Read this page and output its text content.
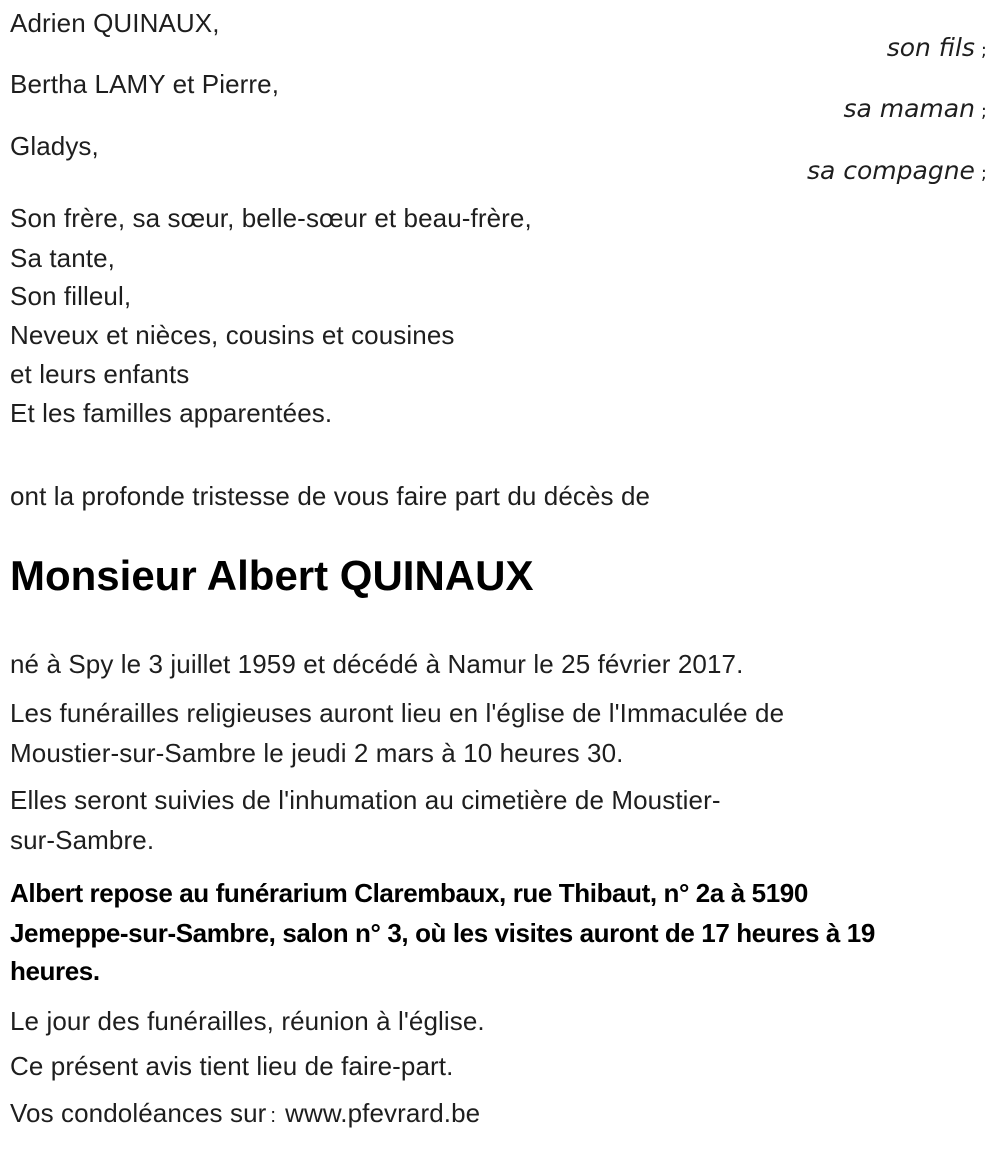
Adrien QUINAUX,
son fils ;
Bertha LAMY et Pierre,
sa maman ;
Gladys,
sa compagne ;
Son frère, sa sœur, belle-sœur et beau-frère,
Sa tante,
Son filleul,
Neveux et nièces, cousins et cousines
et leurs enfants
Et les familles apparentées.
ont la profonde tristesse de vous faire part du décès de
Monsieur Albert QUINAUX
né à Spy le 3 juillet 1959 et décédé à Namur le 25 février 2017.
Les funérailles religieuses auront lieu en l'église de l'Immaculée de
Moustier-sur-Sambre le jeudi 2 mars à 10 heures 30.
Elles seront suivies de l'inhumation au cimetière de Moustier-
sur-Sambre.
Albert repose au funérarium Clarembaux, rue Thibaut, n° 2a à 5190
Jemeppe-sur-Sambre, salon n° 3, où les visites auront de 17 heures à 19
heures.
Le jour des funérailles, réunion à l'église.
Ce présent avis tient lieu de faire-part.
Vos condoléances sur : www.pfevrard.be
